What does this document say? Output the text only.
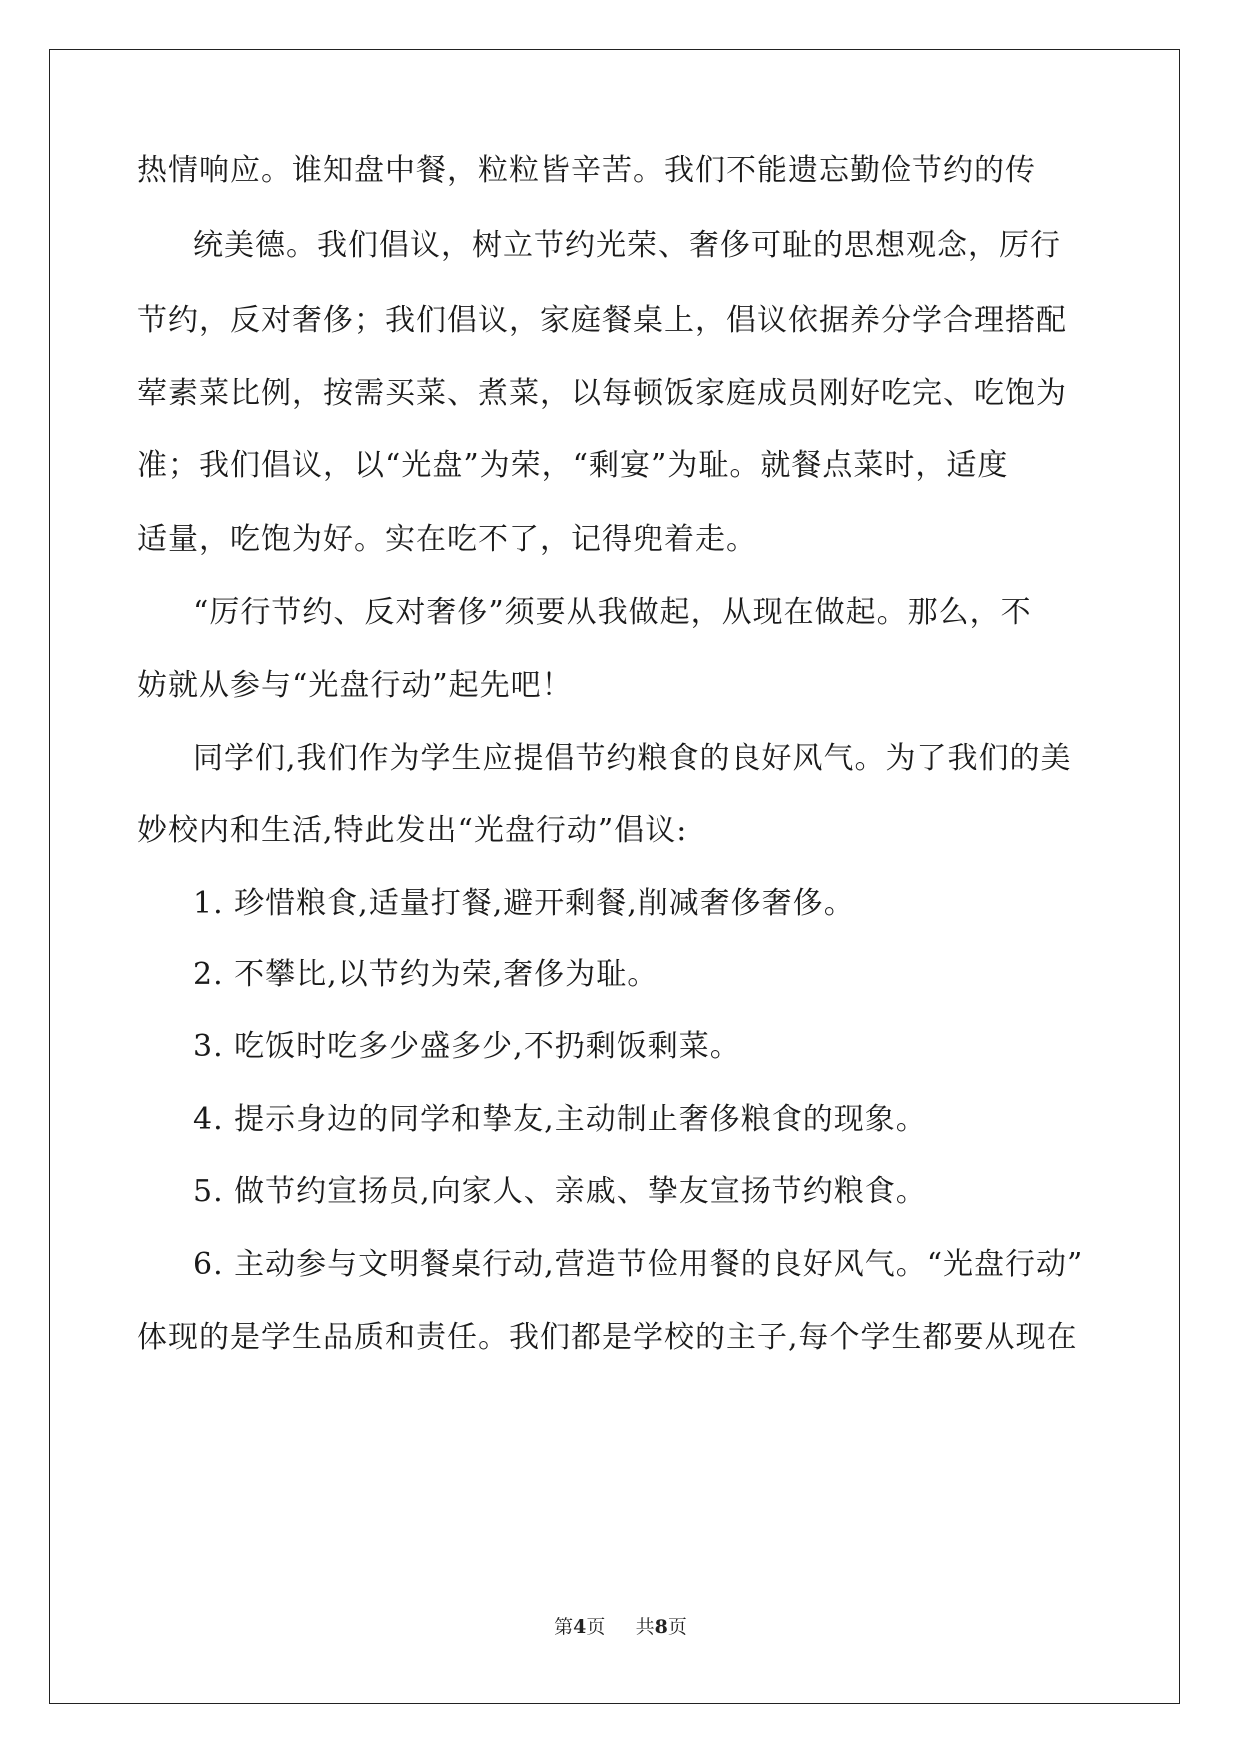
热情响应。谁知盘中餐，粒粒皆辛苦。我们不能遗忘勤俭节约的传
统美德。我们倡议，树立节约光荣、奢侈可耻的思想观念，厉行
节约，反对奢侈；我们倡议，家庭餐桌上，倡议依据养分学合理搭配
荤素菜比例，按需买菜、煮菜，以每顿饭家庭成员刚好吃完、吃饱为
准；我们倡议，以“光盘”为荣，“剩宴”为耻。就餐点菜时，适度
适量，吃饱为好。实在吃不了，记得兜着走。
“厉行节约、反对奢侈”须要从我做起，从现在做起。那么，不
妨就从参与“光盘行动”起先吧！
同学们,我们作为学生应提倡节约粮食的良好风气。为了我们的美
妙校内和生活,特此发出“光盘行动”倡议:
1. 珍惜粮食,适量打餐,避开剩餐,削减奢侈奢侈。
2. 不攀比,以节约为荣,奢侈为耻。
3. 吃饭时吃多少盛多少,不扔剩饭剩菜。
4. 提示身边的同学和挚友,主动制止奢侈粮食的现象。
5. 做节约宣扬员,向家人、亲戚、挚友宣扬节约粮食。
6. 主动参与文明餐桌行动,营造节俭用餐的良好风气。“光盘行动”
体现的是学生品质和责任。我们都是学校的主子,每个学生都要从现在
第4页 共8页
